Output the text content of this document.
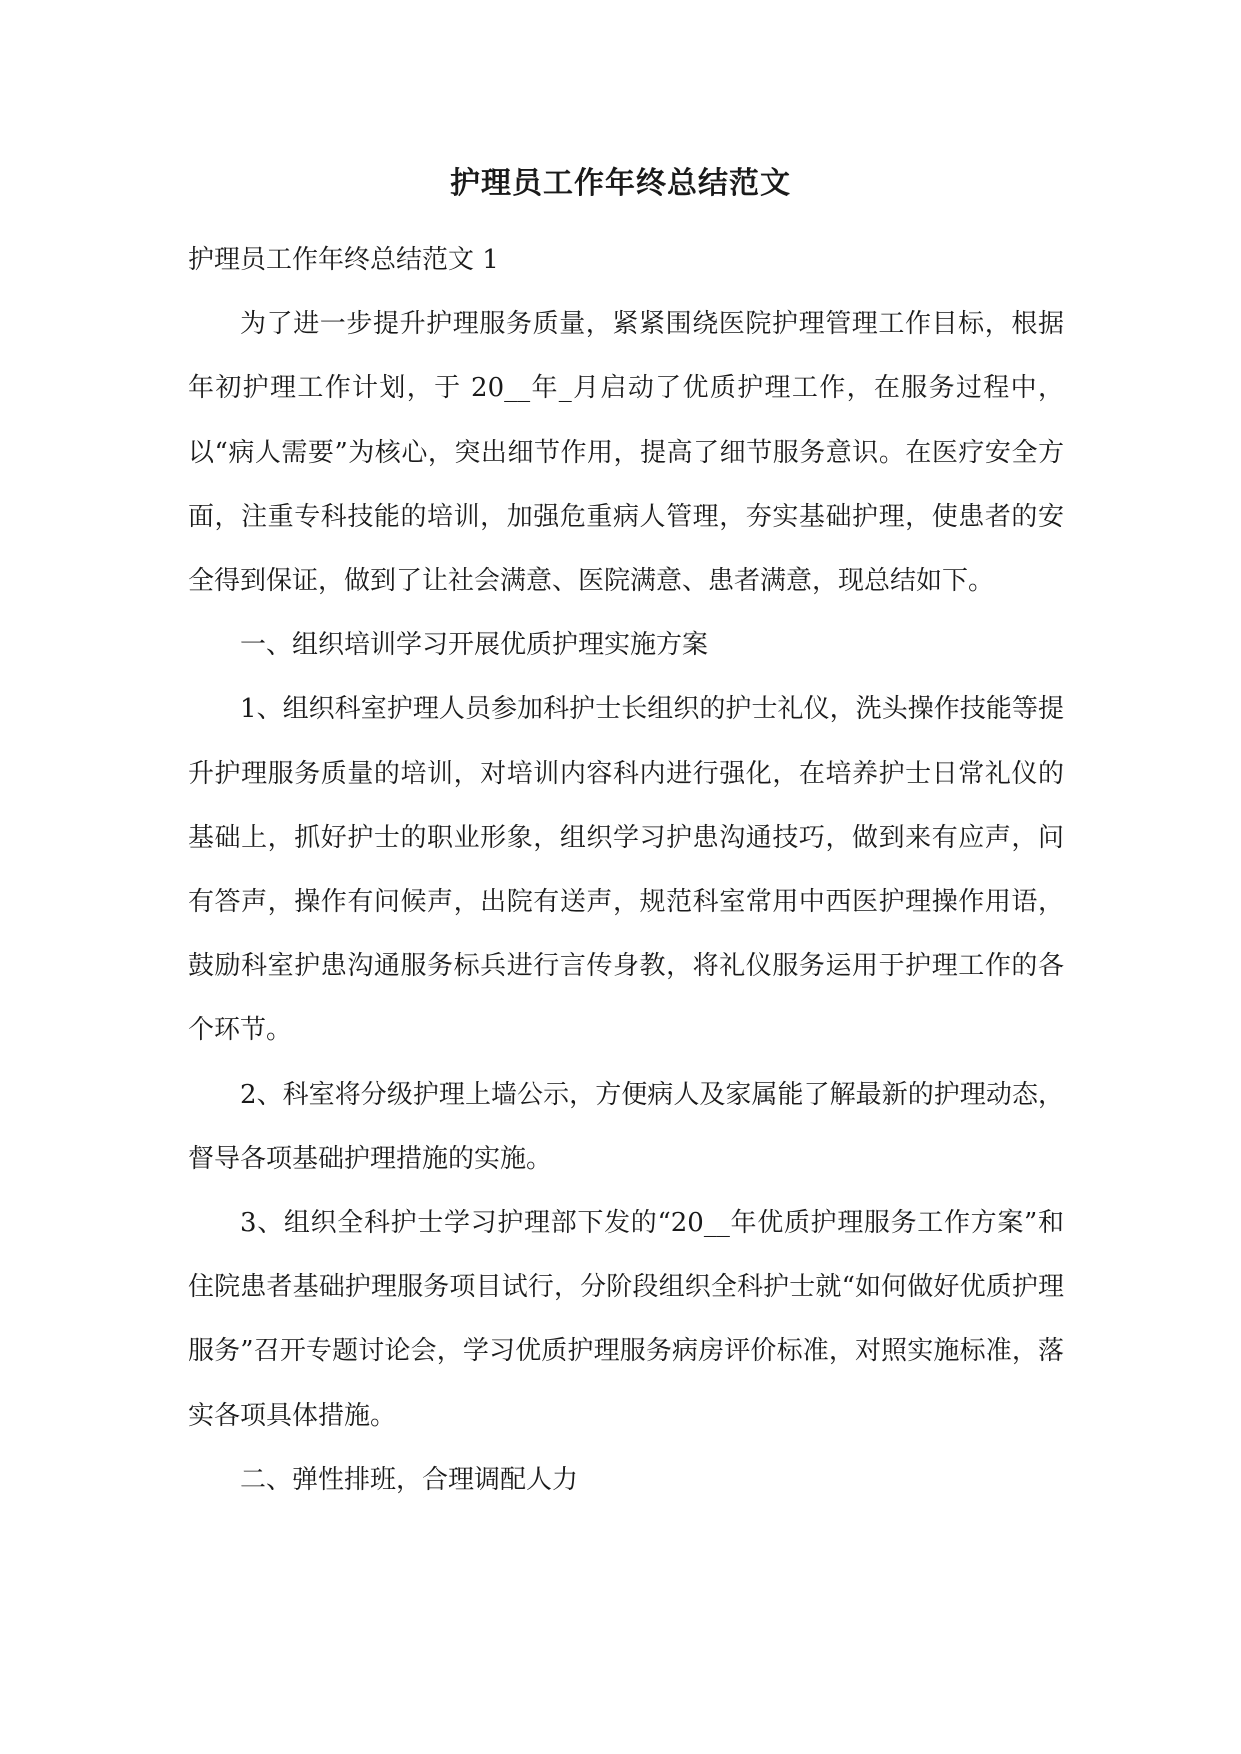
护理员工作年终总结范文

护理员工作年终总结范文 1

为了进一步提升护理服务质量，紧紧围绕医院护理管理工作目标，根据年初护理工作计划，于 20__年_月启动了优质护理工作，在服务过程中，以“病人需要”为核心，突出细节作用，提高了细节服务意识。在医疗安全方面，注重专科技能的培训，加强危重病人管理，夯实基础护理，使患者的安全得到保证，做到了让社会满意、医院满意、患者满意，现总结如下。

一、组织培训学习开展优质护理实施方案

1、组织科室护理人员参加科护士长组织的护士礼仪，洗头操作技能等提升护理服务质量的培训，对培训内容科内进行强化，在培养护士日常礼仪的基础上，抓好护士的职业形象，组织学习护患沟通技巧，做到来有应声，问有答声，操作有问候声，出院有送声，规范科室常用中西医护理操作用语，鼓励科室护患沟通服务标兵进行言传身教，将礼仪服务运用于护理工作的各个环节。

2、科室将分级护理上墙公示，方便病人及家属能了解最新的护理动态，督导各项基础护理措施的实施。

3、组织全科护士学习护理部下发的“20__年优质护理服务工作方案”和住院患者基础护理服务项目试行，分阶段组织全科护士就“如何做好优质护理服务”召开专题讨论会，学习优质护理服务病房评价标准，对照实施标准，落实各项具体措施。

二、弹性排班，合理调配人力
